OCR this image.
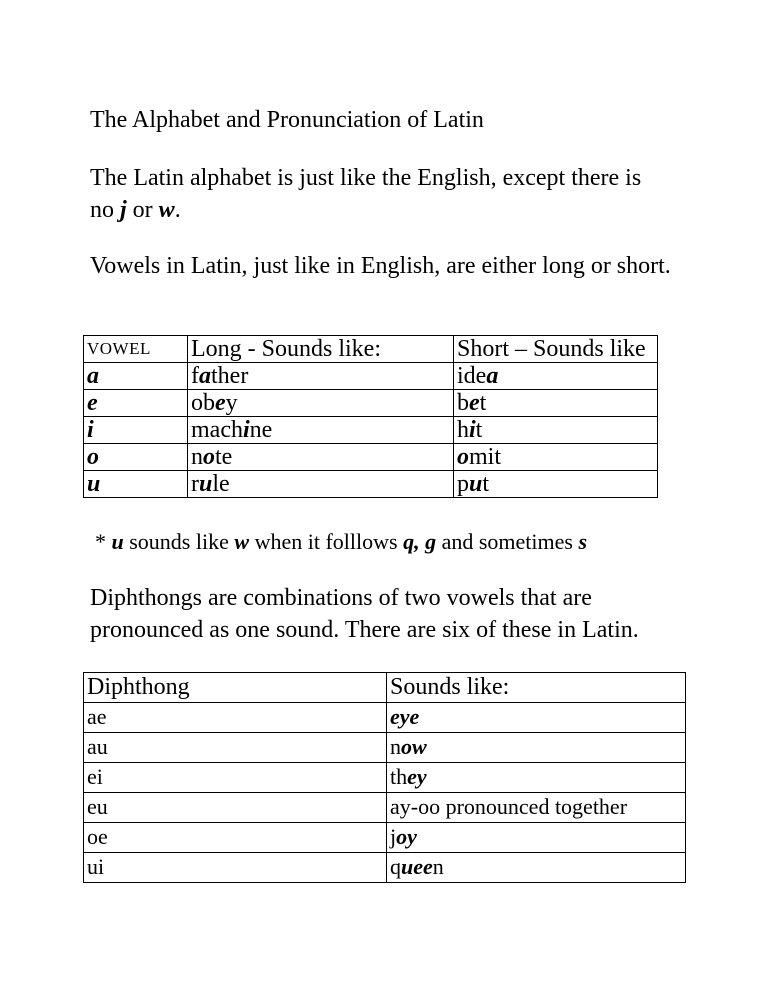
The Alphabet and Pronunciation of Latin

The Latin alphabet is just like the English, except there is
no j or w.

Vowels in Latin, just like in English, are either long or short.

VOWEL	Long - Sounds like:	Short – Sounds like
a	father	idea
e	obey	bet
i	machine	hit
o	note	omit
u	rule	put

* u sounds like w when it folllows q, g and sometimes s

Diphthongs are combinations of two vowels that are pronounced as one sound. There are six of these in Latin.

Diphthong	Sounds like:
ae	eye
au	now
ei	they
eu	ay-oo pronounced together
oe	joy
ui	queen
